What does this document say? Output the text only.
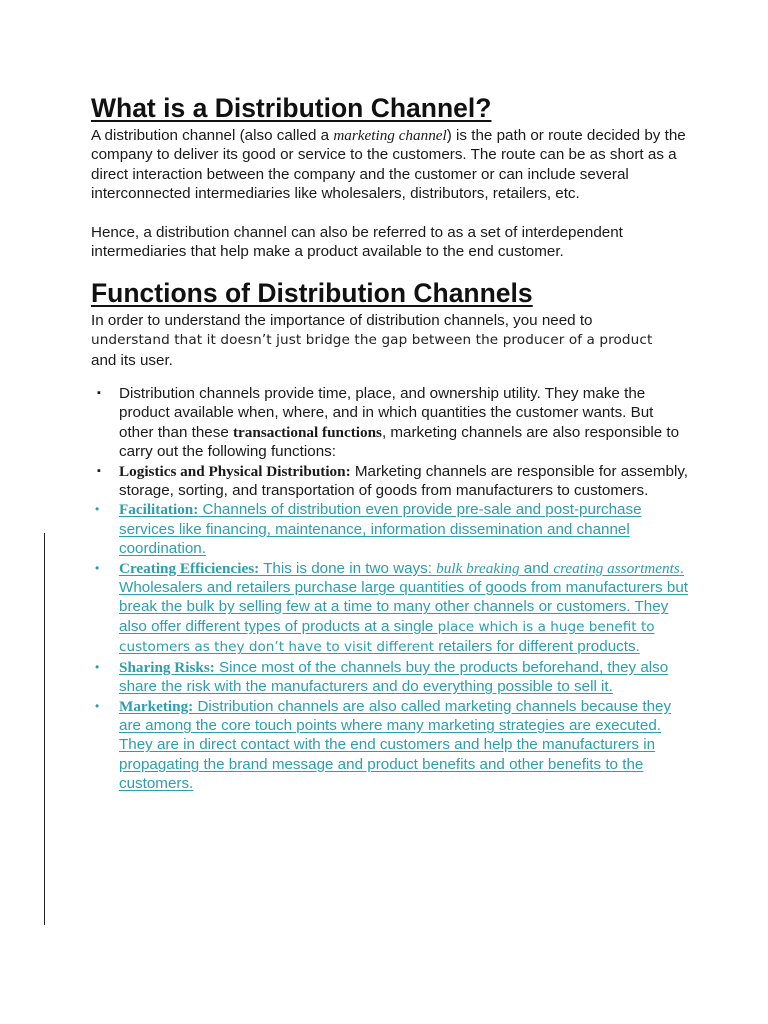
What is a Distribution Channel?

A distribution channel (also called a marketing channel) is the path or route decided by the company to deliver its good or service to the customers. The route can be as short as a direct interaction between the company and the customer or can include several interconnected intermediaries like wholesalers, distributors, retailers, etc.

Hence, a distribution channel can also be referred to as a set of interdependent intermediaries that help make a product available to the end customer.

Functions of Distribution Channels

In order to understand the importance of distribution channels, you need to
understand that it doesn’t just bridge the gap between the producer of a product
and its user.

▪ Distribution channels provide time, place, and ownership utility. They make the product available when, where, and in which quantities the customer wants. But other than these transactional functions, marketing channels are also responsible to carry out the following functions:
▪ Logistics and Physical Distribution: Marketing channels are responsible for assembly, storage, sorting, and transportation of goods from manufacturers to customers.
• Facilitation: Channels of distribution even provide pre-sale and post-purchase services like financing, maintenance, information dissemination and channel coordination.
• Creating Efficiencies: This is done in two ways: bulk breaking and creating assortments. Wholesalers and retailers purchase large quantities of goods from manufacturers but break the bulk by selling few at a time to many other channels or customers. They also offer different types of products at a single place which is a huge benefit to customers as they don’t have to visit different retailers for different products.
• Sharing Risks: Since most of the channels buy the products beforehand, they also share the risk with the manufacturers and do everything possible to sell it.
• Marketing: Distribution channels are also called marketing channels because they are among the core touch points where many marketing strategies are executed. They are in direct contact with the end customers and help the manufacturers in propagating the brand message and product benefits and other benefits to the customers.
